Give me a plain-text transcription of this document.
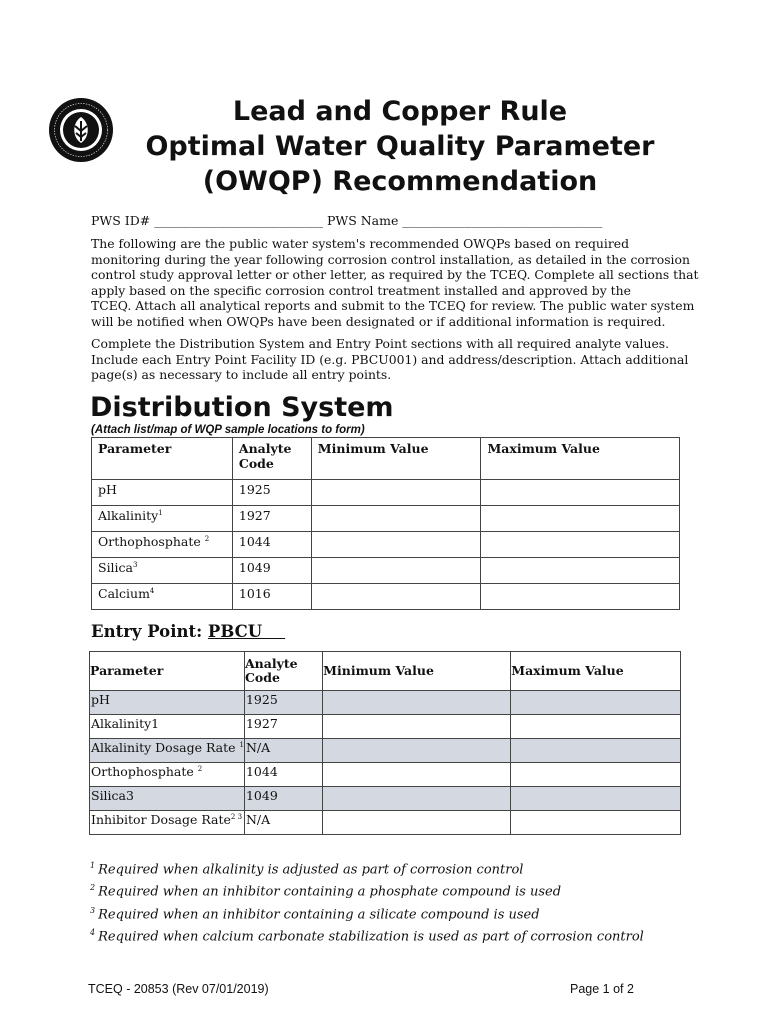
Lead and Copper Rule
Optimal Water Quality Parameter
(OWQP) Recommendation
PWS ID# ___________________________ PWS Name ________________________________
The following are the public water system's recommended OWQPs based on required
monitoring during the year following corrosion control installation, as detailed in the corrosion
control study approval letter or other letter, as required by the TCEQ. Complete all sections that
apply based on the specific corrosion control treatment installed and approved by the
TCEQ. Attach all analytical reports and submit to the TCEQ for review. The public water system
will be notified when OWQPs have been designated or if additional information is required.
Complete the Distribution System and Entry Point sections with all required analyte values.
Include each Entry Point Facility ID (e.g. PBCU001) and address/description. Attach additional
page(s) as necessary to include all entry points.
Distribution System
(Attach list/map of WQP sample locations to form)
Parameter	Analyte
Code	Minimum Value	Maximum Value
pH	1925		
Alkalinity$^1$	1927		
Orthophosphate $^2$	1044		
Silica$^3$	1049		
Calcium$^4$	1016		
Entry Point: PBCU
Parameter	Analyte
Code	Minimum Value	Maximum Value
pH	1925		
Alkalinity1	1927		
Alkalinity Dosage Rate $^1$	N/A		
Orthophosphate $^2$	1044		
Silica3	1049		
Inhibitor Dosage Rate$^{2 3}$	N/A		
$^1$ Required when alkalinity is adjusted as part of corrosion control
$^2$ Required when an inhibitor containing a phosphate compound is used
$^3$ Required when an inhibitor containing a silicate compound is used
$^4$ Required when calcium carbonate stabilization is used as part of corrosion control
TCEQ - 20853 (Rev 07/01/2019)	Page 1 of 2
